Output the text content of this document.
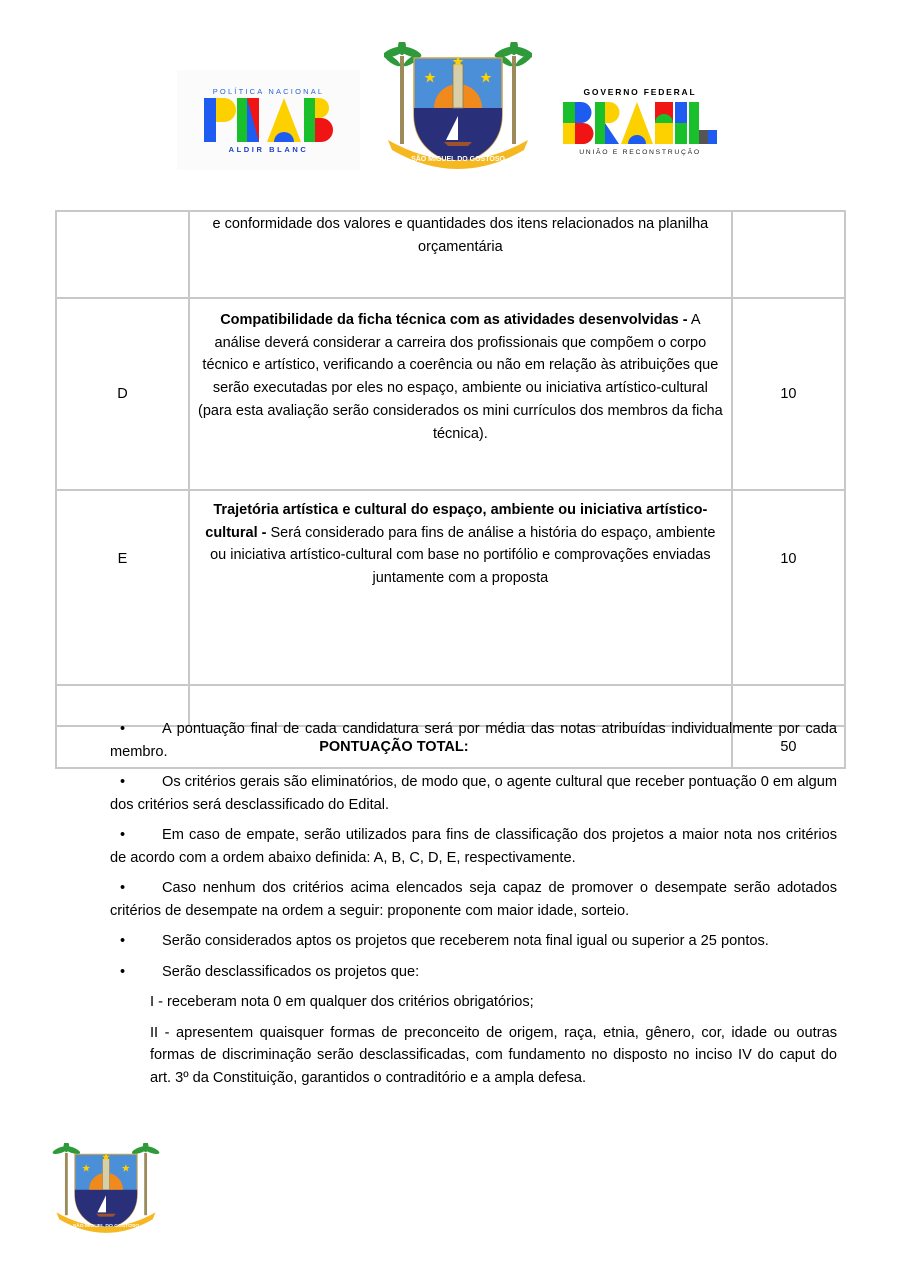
POLÍTICA NACIONAL
ALDIR BLANC
SÃO MIGUEL DO GOSTOSO
GOVERNO FEDERAL
UNIÃO E RECONSTRUÇÃO
	e conformidade dos valores e quantidades dos itens relacionados na planilha orçamentária	
D	Compatibilidade da ficha técnica com as atividades desenvolvidas - A análise deverá considerar a carreira dos profissionais que compõem o corpo técnico e artístico, verificando a coerência ou não em relação às atribuições que serão executadas por eles no espaço, ambiente ou iniciativa artístico-cultural (para esta avaliação serão considerados os mini currículos dos membros da ficha técnica).	10
E	Trajetória artística e cultural do espaço, ambiente ou iniciativa artístico-cultural - Será considerado para fins de análise a história do espaço, ambiente ou iniciativa artístico-cultural com base no portifólio e comprovações enviadas juntamente com a proposta	10

PONTUAÇÃO TOTAL:		50

•	A pontuação final de cada candidatura será por média das notas atribuídas individualmente por cada membro.

•	Os critérios gerais são eliminatórios, de modo que, o agente cultural que receber pontuação 0 em algum dos critérios será desclassificado do Edital.

•	Em caso de empate, serão utilizados para fins de classificação dos projetos a maior nota nos critérios de acordo com a ordem abaixo definida: A, B, C, D, E, respectivamente.

•	Caso nenhum dos critérios acima elencados seja capaz de promover o desempate serão adotados critérios de desempate na ordem a seguir: proponente com maior idade, sorteio.

•	Serão considerados aptos os projetos que receberem nota final igual ou superior a 25 pontos.

•	Serão desclassificados os projetos que:

I - receberam nota 0 em qualquer dos critérios obrigatórios;

II - apresentem quaisquer formas de preconceito de origem, raça, etnia, gênero, cor, idade ou outras formas de discriminação serão desclassificadas, com fundamento no disposto no inciso IV do caput do art. 3º da Constituição, garantidos o contraditório e a ampla defesa.

SÃO MIGUEL DO GOSTOSO
